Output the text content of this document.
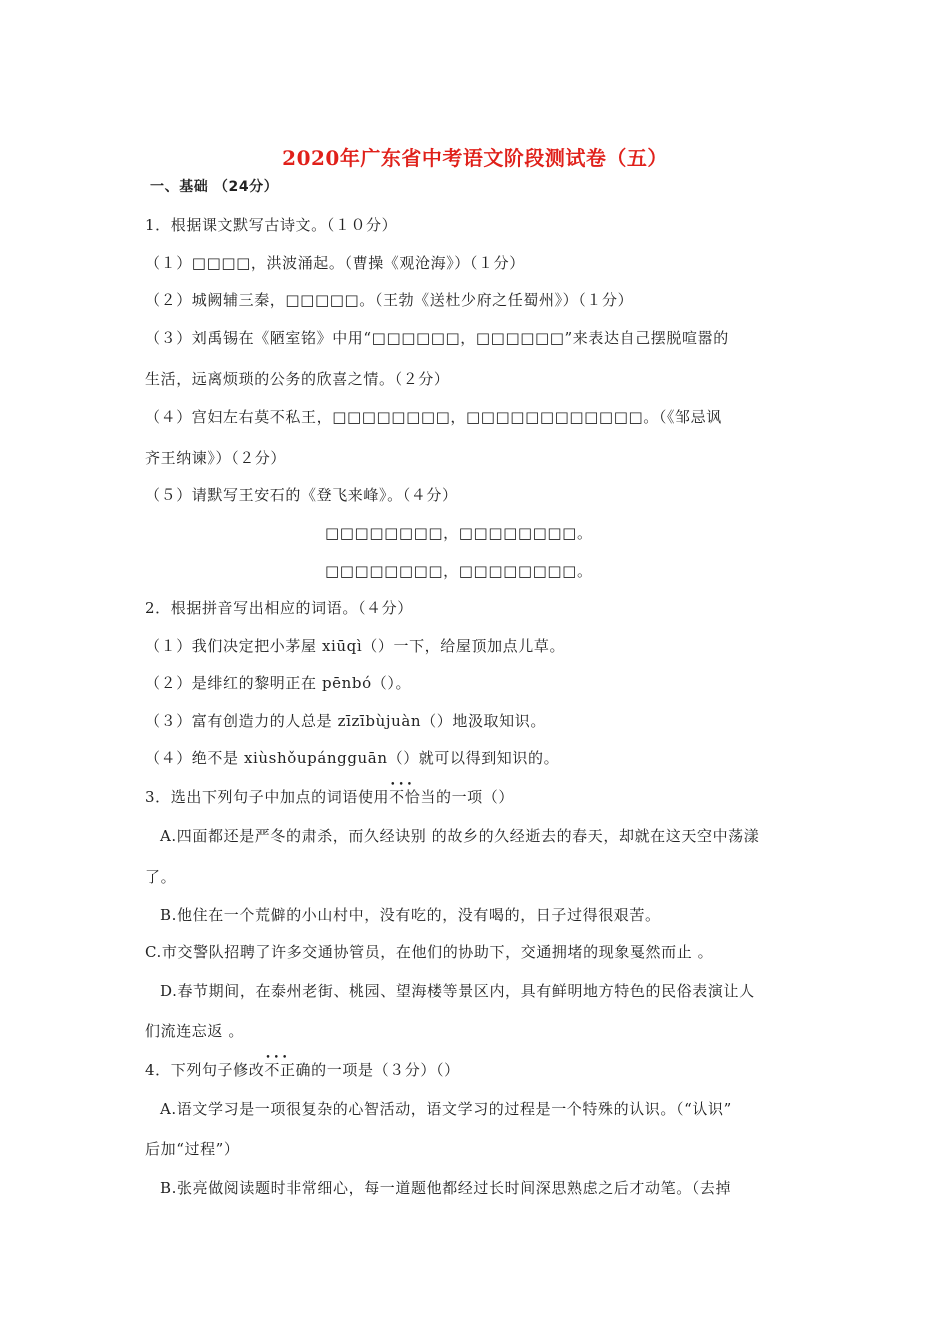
2020年广东省中考语文阶段测试卷（五）
一、基础 （24分）
1．根据课文默写古诗文。（１０分）
（１）□□□□，洪波涌起。（曹操《观沧海》）（１分）
（２）城阙辅三秦，□□□□□。（王勃《送杜少府之任蜀州》）（１分）
（３）刘禹锡在《陋室铭》中用“□□□□□□，□□□□□□”来表达自己摆脱喧嚣的
生活，远离烦琐的公务的欣喜之情。（２分）
（４）宫妇左右莫不私王，□□□□□□□□，□□□□□□□□□□□□。（《邹忌讽
齐王纳谏》）（２分）
（５）请默写王安石的《登飞来峰》。（４分）
□□□□□□□□，□□□□□□□□。
□□□□□□□□，□□□□□□□□。
2．根据拼音写出相应的词语。（４分）
（１）我们决定把小茅屋 xiūqì（）一下，给屋顶加点儿草。
（２）是绯红的黎明正在 pēnbó（）。
（３）富有创造力的人总是 zīzībùjuàn（）地汲取知识。
（４）绝不是 xiùshǒupángguān（）就可以得到知识的。
3．选出下列句子中加点的词语使用••• 不恰当的一项（）
A.四面都还是严冬的肃杀，而久经诀别 的故乡的久经逝去的春天，却就在这天空中荡漾
了。
B.他住在一个荒僻的小山村中，没有吃的，没有喝的，日子过得很艰苦。
C.市交警队招聘了许多交通协管员，在他们的协助下，交通拥堵的现象戛然而止 。
D.春节期间，在泰州老街、桃园、望海楼等景区内，具有鲜明地方特色的民俗表演让人
们流连忘返 。
4．下列句子修改••• 不正确的一项是（３分）（）
A.语文学习是一项很复杂的心智活动，语文学习的过程是一个特殊的认识。（“认识”
后加“过程”）
B.张亮做阅读题时非常细心，每一道题他都经过长时间深思熟虑之后才动笔。（去掉
